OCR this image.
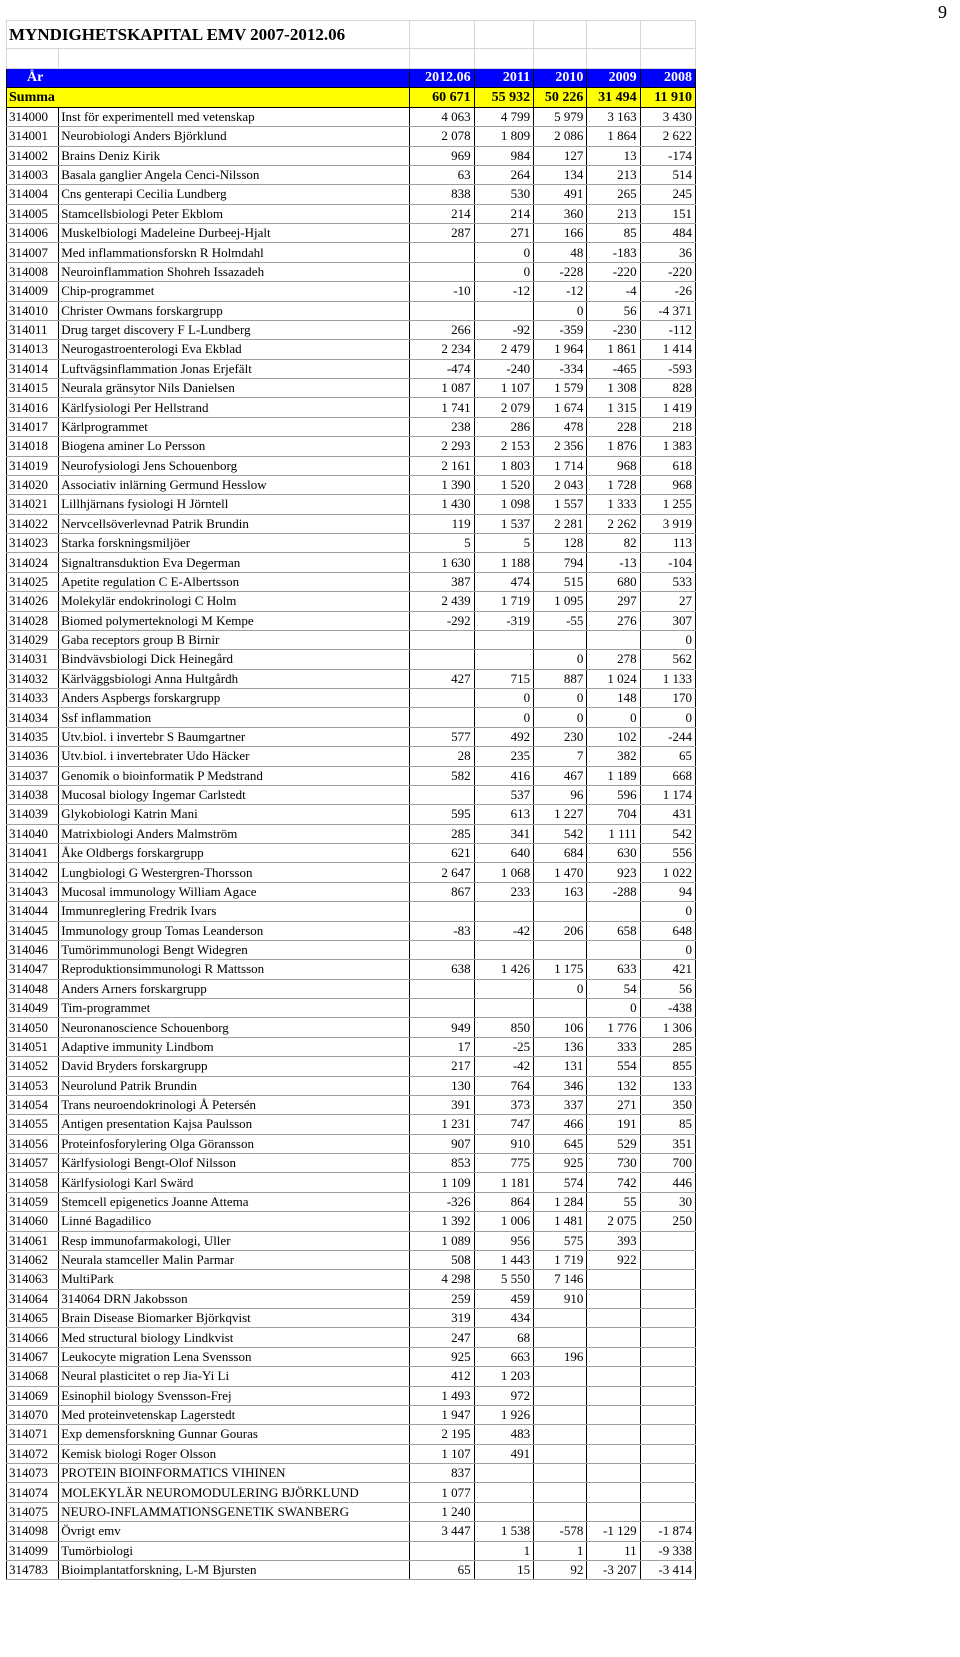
9
MYNDIGHETSKAPITAL EMV 2007-2012.06						

År		2012.06	2011	2010	2009	2008
Summa		60 671	55 932	50 226	31 494	11 910
314000	Inst för experimentell med vetenskap	4 063	4 799	5 979	3 163	3 430
314001	Neurobiologi Anders Björklund	2 078	1 809	2 086	1 864	2 622
314002	Brains Deniz Kirik	969	984	127	13	-174
314003	Basala ganglier Angela Cenci-Nilsson	63	264	134	213	514
314004	Cns genterapi Cecilia Lundberg	838	530	491	265	245
314005	Stamcellsbiologi Peter Ekblom	214	214	360	213	151
314006	Muskelbiologi Madeleine Durbeej-Hjalt	287	271	166	85	484
314007	Med inflammationsforskn R Holmdahl		0	48	-183	36
314008	Neuroinflammation Shohreh Issazadeh		0	-228	-220	-220
314009	Chip-programmet	-10	-12	-12	-4	-26
314010	Christer Owmans forskargrupp			0	56	-4 371
314011	Drug target discovery F L-Lundberg	266	-92	-359	-230	-112
314013	Neurogastroenterologi Eva Ekblad	2 234	2 479	1 964	1 861	1 414
314014	Luftvägsinflammation Jonas Erjefält	-474	-240	-334	-465	-593
314015	Neurala gränsytor Nils Danielsen	1 087	1 107	1 579	1 308	828
314016	Kärlfysiologi Per Hellstrand	1 741	2 079	1 674	1 315	1 419
314017	Kärlprogrammet	238	286	478	228	218
314018	Biogena aminer Lo Persson	2 293	2 153	2 356	1 876	1 383
314019	Neurofysiologi Jens Schouenborg	2 161	1 803	1 714	968	618
314020	Associativ inlärning Germund Hesslow	1 390	1 520	2 043	1 728	968
314021	Lillhjärnans fysiologi H Jörntell	1 430	1 098	1 557	1 333	1 255
314022	Nervcellsöverlevnad Patrik Brundin	119	1 537	2 281	2 262	3 919
314023	Starka forskningsmiljöer	5	5	128	82	113
314024	Signaltransduktion Eva Degerman	1 630	1 188	794	-13	-104
314025	Apetite regulation C E-Albertsson	387	474	515	680	533
314026	Molekylär endokrinologi C Holm	2 439	1 719	1 095	297	27
314028	Biomed polymerteknologi M Kempe	-292	-319	-55	276	307
314029	Gaba receptors group B Birnir					0
314031	Bindvävsbiologi Dick Heinegård			0	278	562
314032	Kärlväggsbiologi Anna Hultgårdh	427	715	887	1 024	1 133
314033	Anders Aspbergs forskargrupp		0	0	148	170
314034	Ssf inflammation		0	0	0	0
314035	Utv.biol. i invertebr S Baumgartner	577	492	230	102	-244
314036	Utv.biol. i invertebrater Udo Häcker	28	235	7	382	65
314037	Genomik o bioinformatik P Medstrand	582	416	467	1 189	668
314038	Mucosal biology Ingemar Carlstedt		537	96	596	1 174
314039	Glykobiologi Katrin Mani	595	613	1 227	704	431
314040	Matrixbiologi Anders Malmström	285	341	542	1 111	542
314041	Åke Oldbergs forskargrupp	621	640	684	630	556
314042	Lungbiologi G Westergren-Thorsson	2 647	1 068	1 470	923	1 022
314043	Mucosal immunology William Agace	867	233	163	-288	94
314044	Immunreglering Fredrik Ivars					0
314045	Immunology group Tomas Leanderson	-83	-42	206	658	648
314046	Tumörimmunologi Bengt Widegren					0
314047	Reproduktionsimmunologi R Mattsson	638	1 426	1 175	633	421
314048	Anders Arners forskargrupp			0	54	56
314049	Tim-programmet				0	-438
314050	Neuronanoscience Schouenborg	949	850	106	1 776	1 306
314051	Adaptive immunity Lindbom	17	-25	136	333	285
314052	David Bryders forskargrupp	217	-42	131	554	855
314053	Neurolund Patrik Brundin	130	764	346	132	133
314054	Trans neuroendokrinologi Å Petersén	391	373	337	271	350
314055	Antigen presentation Kajsa Paulsson	1 231	747	466	191	85
314056	Proteinfosforylering Olga Göransson	907	910	645	529	351
314057	Kärlfysiologi Bengt-Olof Nilsson	853	775	925	730	700
314058	Kärlfysiologi Karl Swärd	1 109	1 181	574	742	446
314059	Stemcell epigenetics Joanne Attema	-326	864	1 284	55	30
314060	Linné Bagadilico	1 392	1 006	1 481	2 075	250
314061	Resp immunofarmakologi, Uller	1 089	956	575	393	
314062	Neurala stamceller Malin Parmar	508	1 443	1 719	922	
314063	MultiPark	4 298	5 550	7 146		
314064	314064 DRN Jakobsson	259	459	910		
314065	Brain Disease Biomarker Björkqvist	319	434			
314066	Med structural biology Lindkvist	247	68			
314067	Leukocyte migration Lena Svensson	925	663	196		
314068	Neural plasticitet o rep Jia-Yi Li	412	1 203			
314069	Esinophil biology Svensson-Frej	1 493	972			
314070	Med proteinvetenskap Lagerstedt	1 947	1 926			
314071	Exp demensforskning Gunnar Gouras	2 195	483			
314072	Kemisk biologi Roger Olsson	1 107	491			
314073	PROTEIN BIOINFORMATICS VIHINEN	837				
314074	MOLEKYLÄR NEUROMODULERING BJÖRKLUND	1 077				
314075	NEURO-INFLAMMATIONSGENETIK SWANBERG	1 240				
314098	Övrigt emv	3 447	1 538	-578	-1 129	-1 874
314099	Tumörbiologi		1	1	11	-9 338
314783	Bioimplantatforskning, L-M Bjursten	65	15	92	-3 207	-3 414
